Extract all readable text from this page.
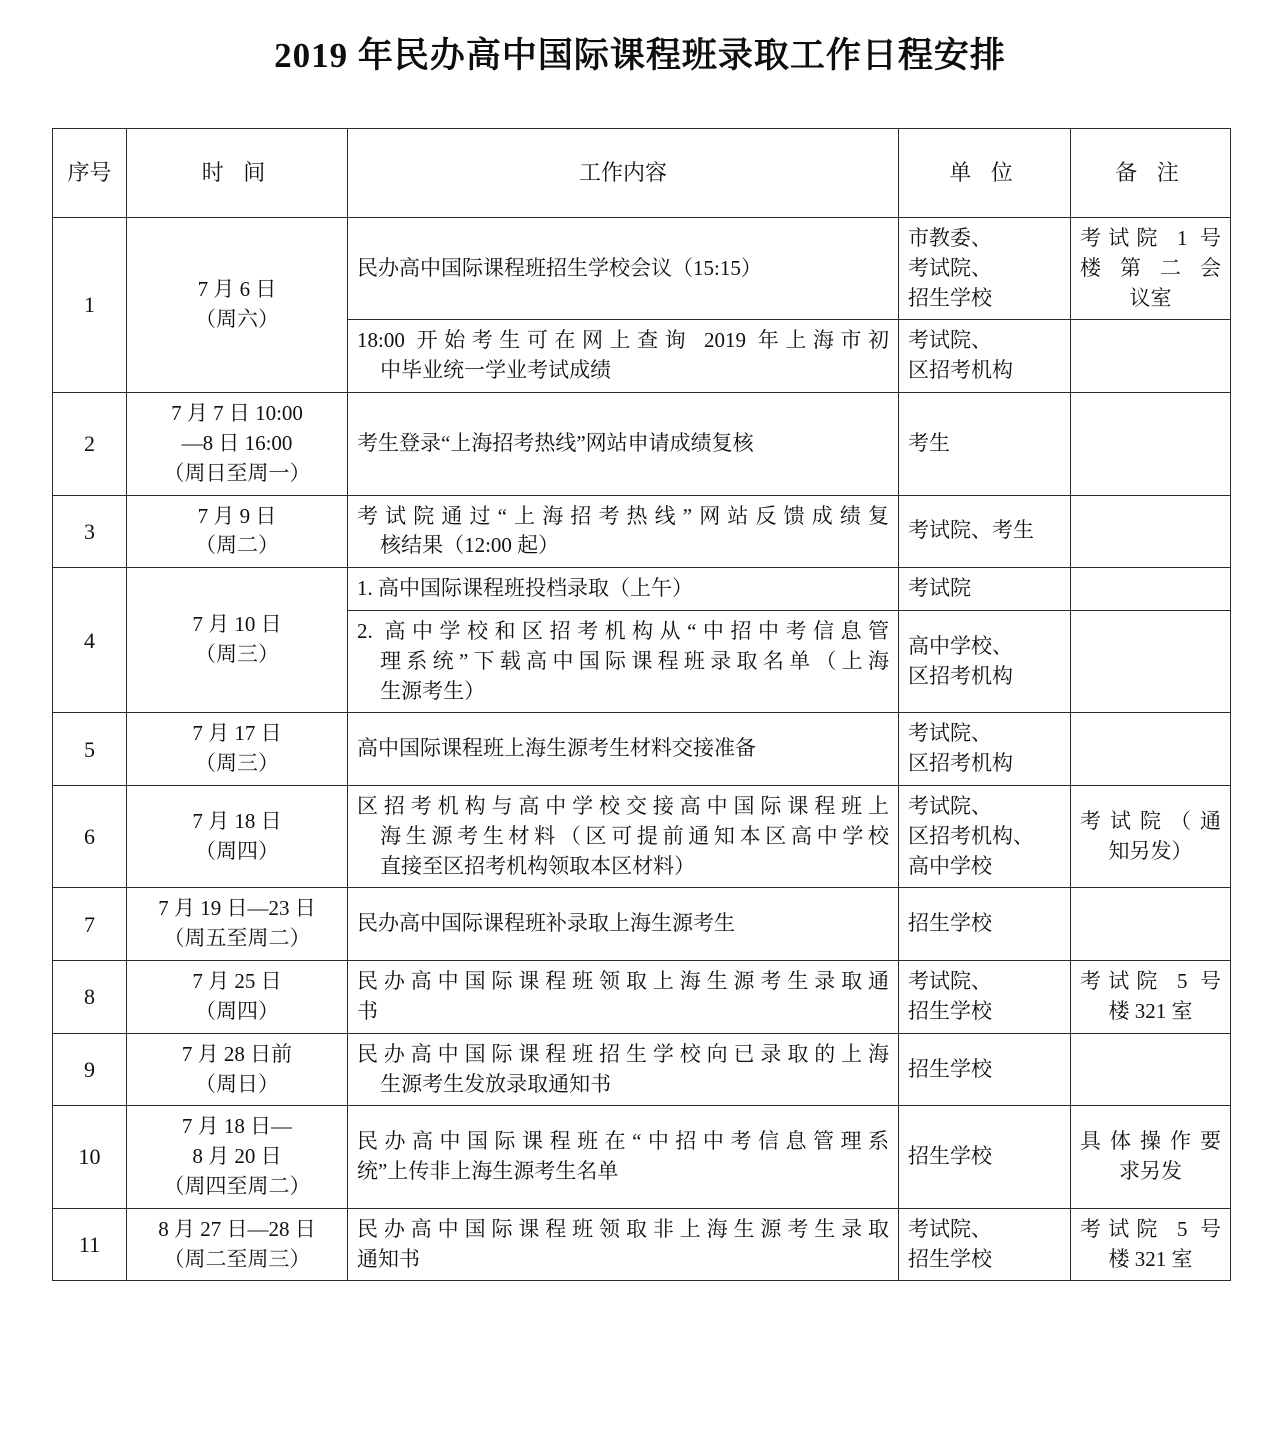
2019 年民办高中国际课程班录取工作日程安排
序号	时 间	工作内容	单 位	备 注
1	7 月 6 日
（周六）	民办高中国际课程班招生学校会议（15:15）	市教委、
考试院、
招生学校	考试院 1 号
楼 第 二 会
议室

		18:00 开始考生可在网上查询 2019 年上海市初
中毕业统一学业考试成绩	考试院、
区招考机构	

2	7 月 7 日 10:00
—8 日 16:00
（周日至周一）	考生登录“上海招考热线”网站申请成绩复核	考生	

3	7 月 9 日
（周二）	考试院通过“上海招考热线”网站反馈成绩复
核结果（12:00 起）	考试院、考生	

4	7 月 10 日
（周三）	1. 高中国际课程班投档录取（上午）	考试院	

		2. 高中学校和区招考机构从“中招中考信息管
理系统”下载高中国际课程班录取名单（上海
生源考生）	高中学校、
区招考机构	

5	7 月 17 日
（周三）	高中国际课程班上海生源考生材料交接准备	考试院、
区招考机构	

6	7 月 18 日
（周四）	区招考机构与高中学校交接高中国际课程班上
海生源考生材料（区可提前通知本区高中学校
直接至区招考机构领取本区材料）	考试院、
区招考机构、
高中学校	考试院（通
知另发）

7	7 月 19 日—23 日
（周五至周二）	民办高中国际课程班补录取上海生源考生	招生学校	

8	7 月 25 日
（周四）	民办高中国际课程班领取上海生源考生录取通
书	考试院、
招生学校	考试院 5 号
楼 321 室

9	7 月 28 日前
（周日）	民办高中国际课程班招生学校向已录取的上海
生源考生发放录取通知书	招生学校	

10	7 月 18 日—
8 月 20 日
（周四至周二）	民办高中国际课程班在“中招中考信息管理系
统”上传非上海生源考生名单	招生学校	具体操作要
求另发

11	8 月 27 日—28 日
（周二至周三）	民办高中国际课程班领取非上海生源考生录取
通知书	考试院、
招生学校	考试院 5 号
楼 321 室
